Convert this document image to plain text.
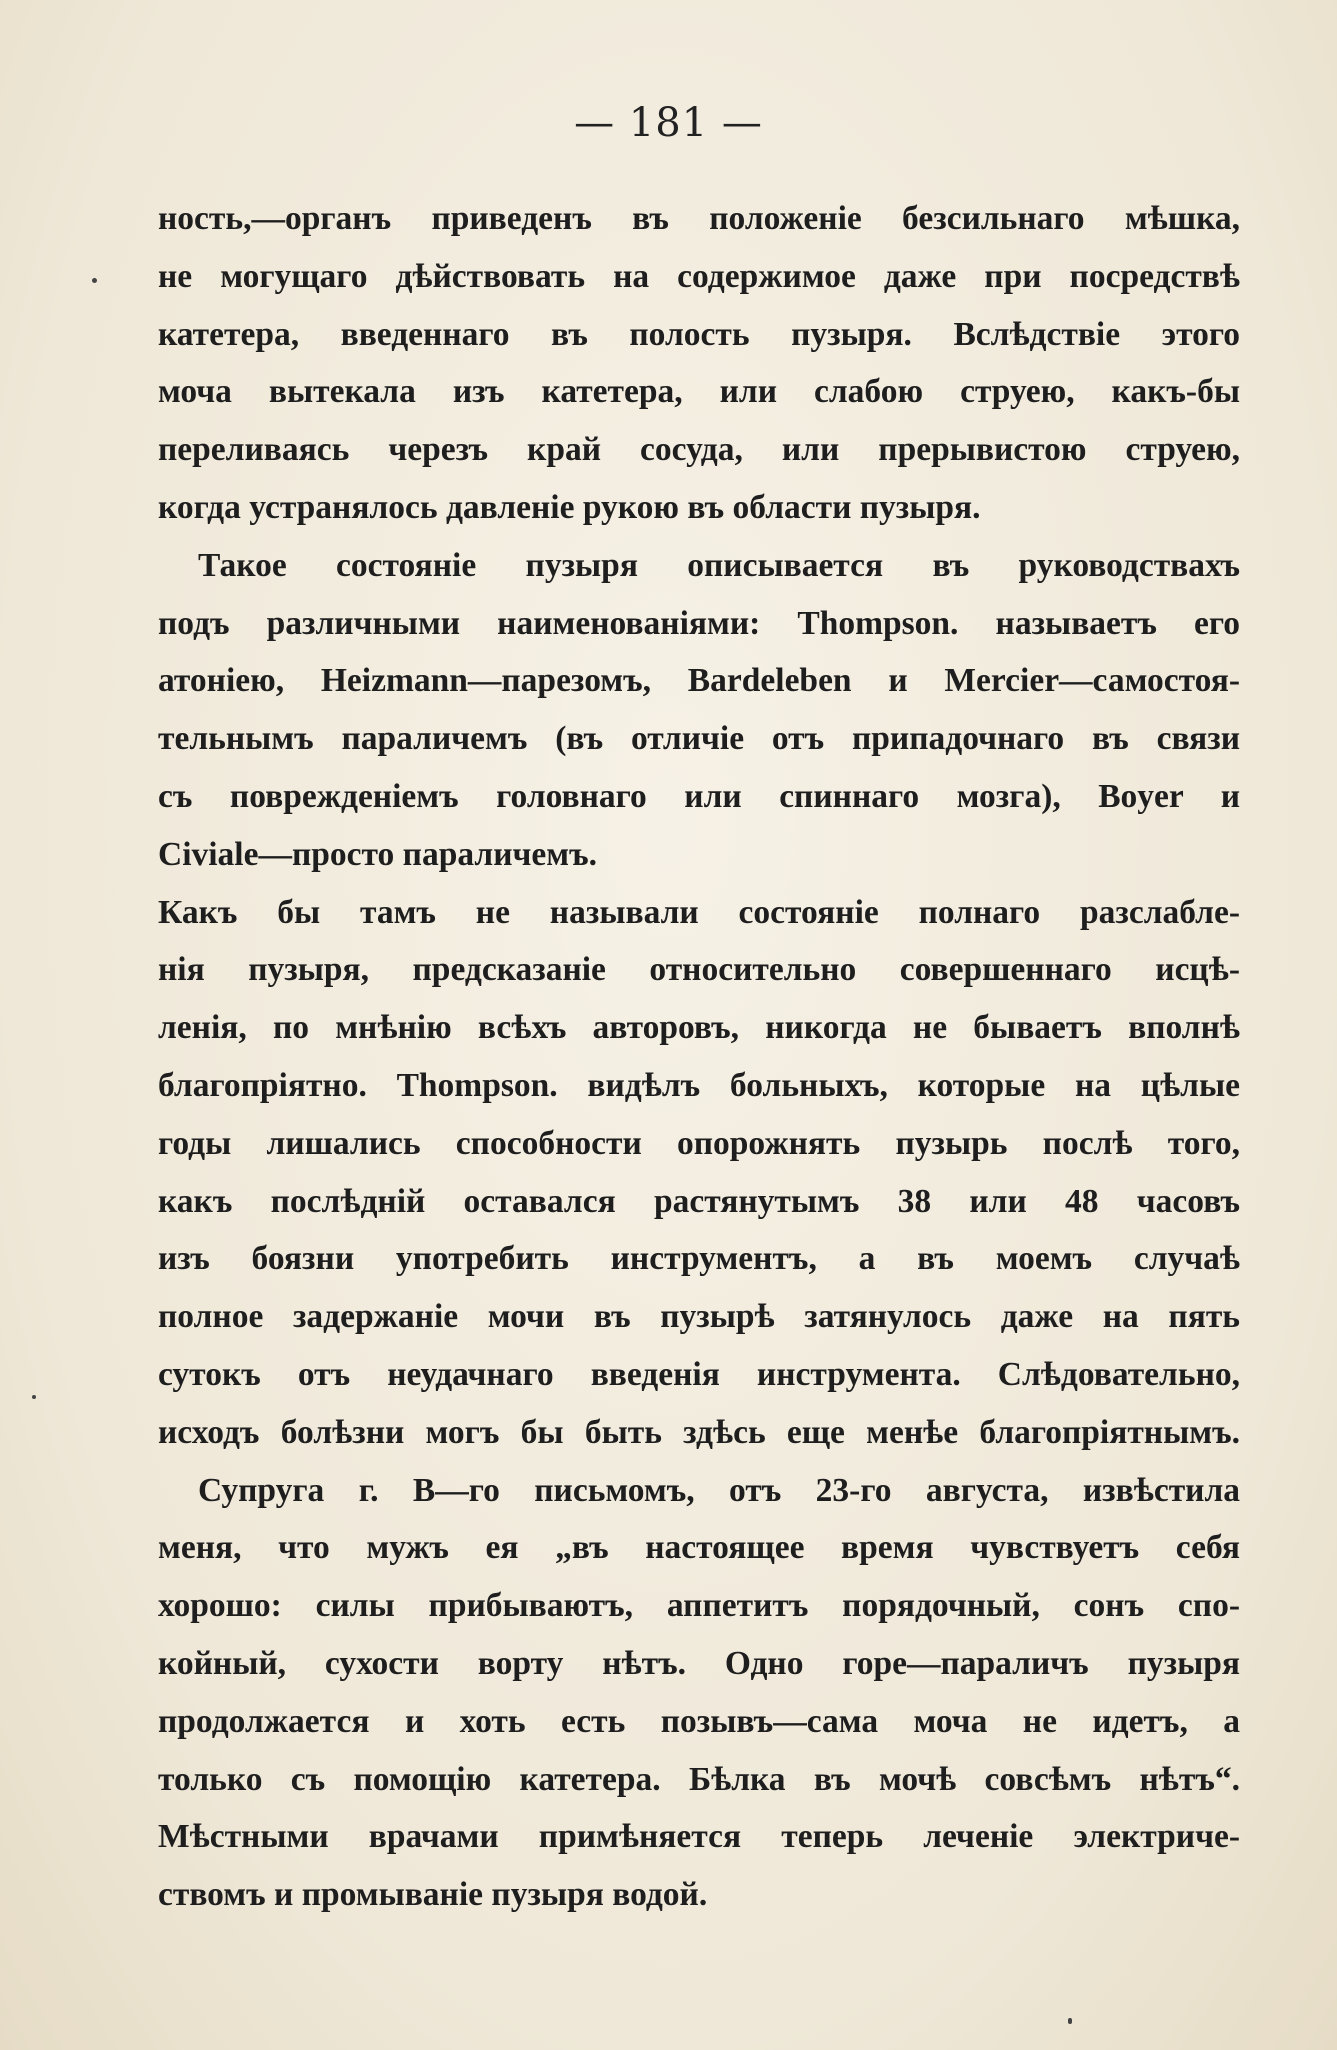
— 181 —
ность,—органъ приведенъ въ положеніе безсильнаго мѣшка,
не могущаго дѣйствовать на содержимое даже при посредствѣ
катетера, введеннаго въ полость пузыря. Вслѣдствіе этого
моча вытекала изъ катетера, или слабою струею, какъ-бы
переливаясь черезъ край сосуда, или прерывистою струею,
когда устранялось давленіе рукою въ области пузыря.
Такое состояніе пузыря описывается въ руководствахъ
подъ различными наименованіями: Thompson. называетъ его
атоніею, Heizmann—парезомъ, Bardeleben и Mercier—самостоя-
тельнымъ параличемъ (въ отличіе отъ припадочнаго въ связи
съ поврежденіемъ головнаго или спиннаго мозга), Boyer и
Civiale—просто параличемъ.
Какъ бы тамъ не называли состояніе полнаго разслабле-
нія пузыря, предсказаніе относительно совершеннаго исцѣ-
ленія, по мнѣнію всѣхъ авторовъ, никогда не бываетъ вполнѣ
благопріятно. Thompson. видѣлъ больныхъ, которые на цѣлые
годы лишались способности опорожнять пузырь послѣ того,
какъ послѣдній оставался растянутымъ 38 или 48 часовъ
изъ боязни употребить инструментъ, а въ моемъ случаѣ
полное задержаніе мочи въ пузырѣ затянулось даже на пять
сутокъ отъ неудачнаго введенія инструмента. Слѣдовательно,
исходъ болѣзни могъ бы быть здѣсь еще менѣе благопріятнымъ.
Супруга г. В—го письмомъ, отъ 23-го августа, извѣстила
меня, что мужъ ея „въ настоящее время чувствуетъ себя
хорошо: силы прибываютъ, аппетитъ порядочный, сонъ спо-
койный, сухости ворту нѣтъ. Одно горе—параличъ пузыря
продолжается и хоть есть позывъ—сама моча не идетъ, а
только съ помощію катетера. Бѣлка въ мочѣ совсѣмъ нѣтъ“.
Мѣстными врачами примѣняется теперь леченіе электриче-
ствомъ и промываніе пузыря водой.
